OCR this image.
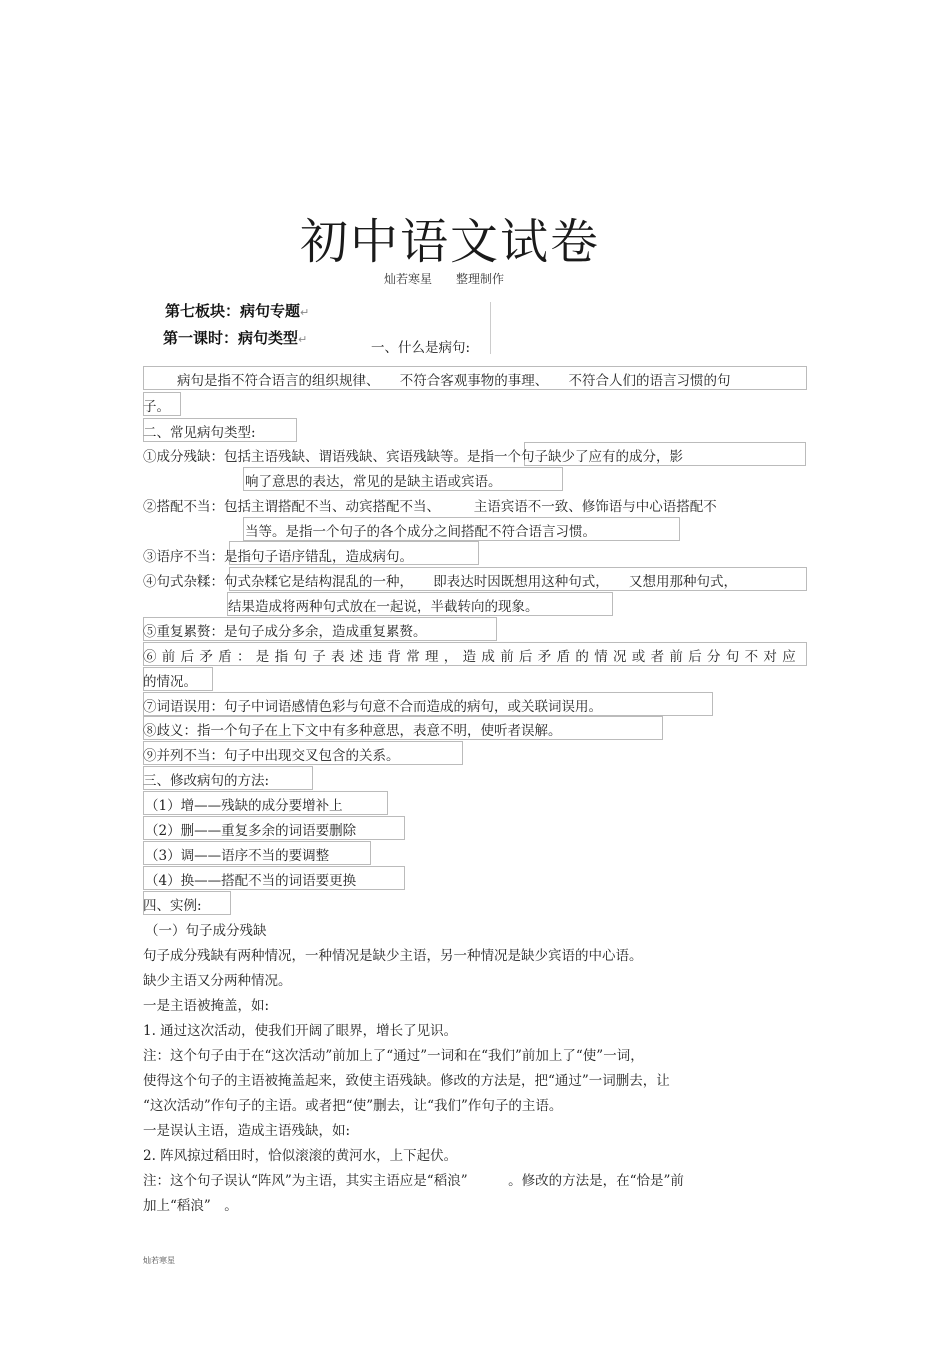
初中语文试卷
灿若寒星 整理制作
第七板块：病句专题↵
第一课时：病句类型↵
一、什么是病句:
病句是指不符合语言的组织规律、　　不符合客观事物的事理、　　不符合人们的语言习惯的句
子。
二、常见病句类型:
①成分残缺：包括主语残缺、谓语残缺、宾语残缺等。是指一个句子缺少了应有的成分，影
响了意思的表达，常见的是缺主语或宾语。
②搭配不当：包括主谓搭配不当、动宾搭配不当、　　　主语宾语不一致、修饰语与中心语搭配不
当等。是指一个句子的各个成分之间搭配不符合语言习惯。
③语序不当：是指句子语序错乱，造成病句。
④句式杂糅：句式杂糅它是结构混乱的一种，　　即表达时因既想用这种句式，　　又想用那种句式，
结果造成将两种句式放在一起说，半截转向的现象。
⑤重复累赘：是句子成分多余，造成重复累赘。
⑥前后矛盾：是指句子表述违背常理，造成前后矛盾的情况或者前后分句不对应
的情况。
⑦词语误用：句子中词语感情色彩与句意不合而造成的病句，或关联词误用。
⑧歧义：指一个句子在上下文中有多种意思，表意不明，使听者误解。
⑨并列不当：句子中出现交叉包含的关系。
三、修改病句的方法:
（1）增——残缺的成分要增补上
（2）删——重复多余的词语要删除
（3）调——语序不当的要调整
（4）换——搭配不当的词语要更换
四、实例:
（一）句子成分残缺
句子成分残缺有两种情况，一种情况是缺少主语，另一种情况是缺少宾语的中心语。
缺少主语又分两种情况。
一是主语被掩盖，如:
1. 通过这次活动，使我们开阔了眼界，增长了见识。
注：这个句子由于在“这次活动”前加上了“通过”一词和在“我们”前加上了“使”一词，
使得这个句子的主语被掩盖起来，致使主语残缺。修改的方法是，把“通过”一词删去，让
“这次活动”作句子的主语。或者把“使”删去，让“我们”作句子的主语。
一是误认主语，造成主语残缺，如:
2. 阵风掠过稻田时，恰似滚滚的黄河水，上下起伏。
注：这个句子误认“阵风”为主语，其实主语应是“稻浪”　　　。修改的方法是，在“恰是”前
加上“稻浪”　。
灿若寒星
